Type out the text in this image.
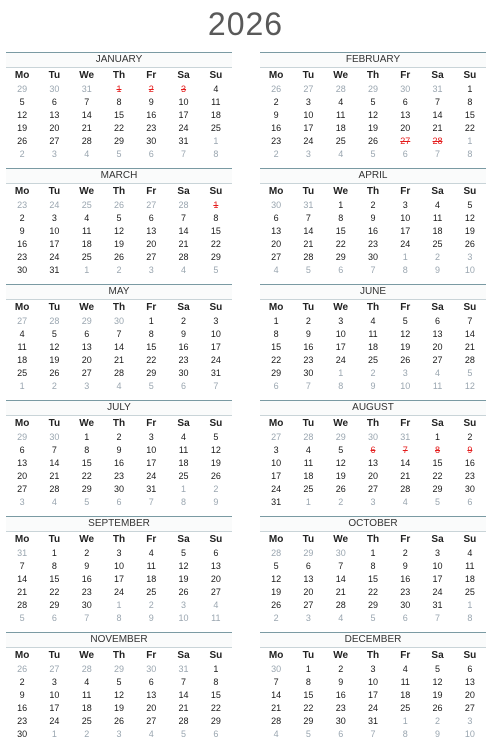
2026
JANUARY
Mo	Tu	We	Th	Fr	Sa	Su
29	30	31	1	2	3	4
5	6	7	8	9	10	11
12	13	14	15	16	17	18
19	20	21	22	23	24	25
26	27	28	29	30	31	1
2	3	4	5	6	7	8
FEBRUARY
Mo	Tu	We	Th	Fr	Sa	Su
26	27	28	29	30	31	1
2	3	4	5	6	7	8
9	10	11	12	13	14	15
16	17	18	19	20	21	22
23	24	25	26	27	28	1
2	3	4	5	6	7	8
MARCH
Mo	Tu	We	Th	Fr	Sa	Su
23	24	25	26	27	28	1
2	3	4	5	6	7	8
9	10	11	12	13	14	15
16	17	18	19	20	21	22
23	24	25	26	27	28	29
30	31	1	2	3	4	5
APRIL
Mo	Tu	We	Th	Fr	Sa	Su
30	31	1	2	3	4	5
6	7	8	9	10	11	12
13	14	15	16	17	18	19
20	21	22	23	24	25	26
27	28	29	30	1	2	3
4	5	6	7	8	9	10
MAY
Mo	Tu	We	Th	Fr	Sa	Su
27	28	29	30	1	2	3
4	5	6	7	8	9	10
11	12	13	14	15	16	17
18	19	20	21	22	23	24
25	26	27	28	29	30	31
1	2	3	4	5	6	7
JUNE
Mo	Tu	We	Th	Fr	Sa	Su
1	2	3	4	5	6	7
8	9	10	11	12	13	14
15	16	17	18	19	20	21
22	23	24	25	26	27	28
29	30	1	2	3	4	5
6	7	8	9	10	11	12
JULY
Mo	Tu	We	Th	Fr	Sa	Su
29	30	1	2	3	4	5
6	7	8	9	10	11	12
13	14	15	16	17	18	19
20	21	22	23	24	25	26
27	28	29	30	31	1	2
3	4	5	6	7	8	9
AUGUST
Mo	Tu	We	Th	Fr	Sa	Su
27	28	29	30	31	1	2
3	4	5	6	7	8	9
10	11	12	13	14	15	16
17	18	19	20	21	22	23
24	25	26	27	28	29	30
31	1	2	3	4	5	6
SEPTEMBER
Mo	Tu	We	Th	Fr	Sa	Su
31	1	2	3	4	5	6
7	8	9	10	11	12	13
14	15	16	17	18	19	20
21	22	23	24	25	26	27
28	29	30	1	2	3	4
5	6	7	8	9	10	11
OCTOBER
Mo	Tu	We	Th	Fr	Sa	Su
28	29	30	1	2	3	4
5	6	7	8	9	10	11
12	13	14	15	16	17	18
19	20	21	22	23	24	25
26	27	28	29	30	31	1
2	3	4	5	6	7	8
NOVEMBER
Mo	Tu	We	Th	Fr	Sa	Su
26	27	28	29	30	31	1
2	3	4	5	6	7	8
9	10	11	12	13	14	15
16	17	18	19	20	21	22
23	24	25	26	27	28	29
30	1	2	3	4	5	6
DECEMBER
Mo	Tu	We	Th	Fr	Sa	Su
30	1	2	3	4	5	6
7	8	9	10	11	12	13
14	15	16	17	18	19	20
21	22	23	24	25	26	27
28	29	30	31	1	2	3
4	5	6	7	8	9	10
